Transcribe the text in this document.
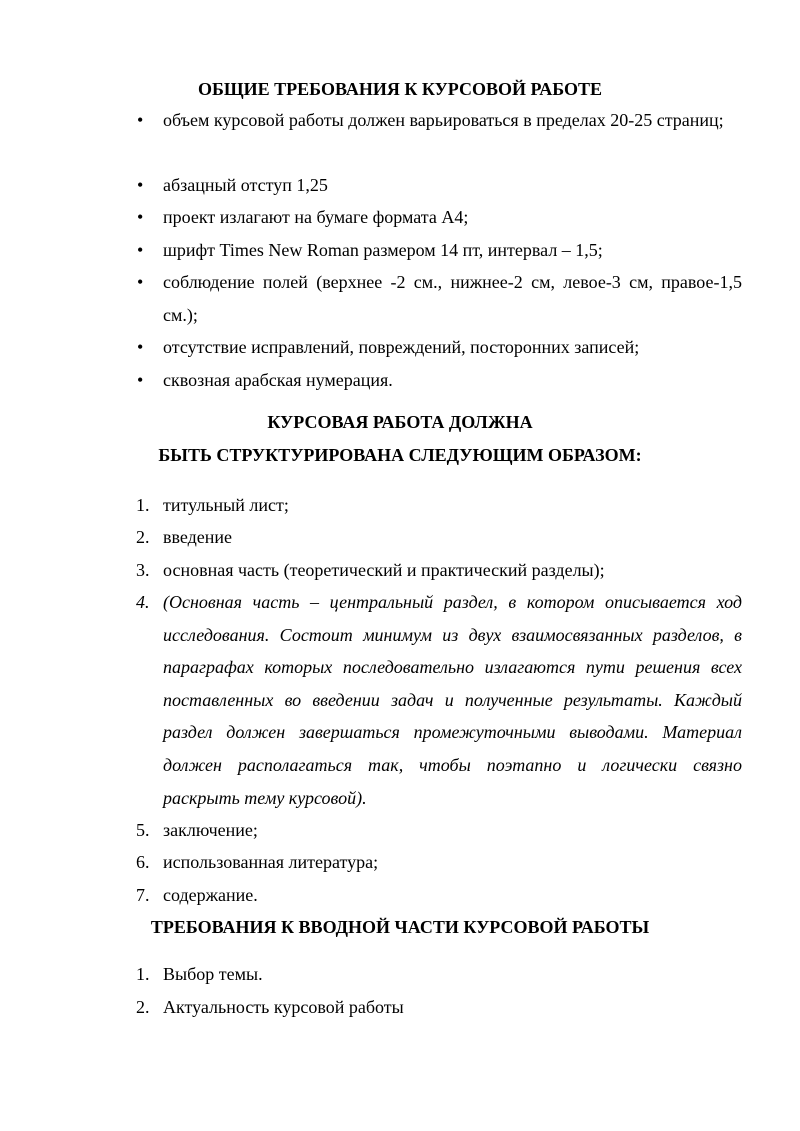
ОБЩИЕ ТРЕБОВАНИЯ К КУРСОВОЙ РАБОТЕ
• объем курсовой работы должен варьироваться в пределах 20-25 страниц;
• абзацный отступ 1,25
• проект излагают на бумаге формата А4;
• шрифт Times New Roman размером 14 пт, интервал – 1,5;
• соблюдение полей (верхнее -2 см., нижнее-2 см, левое-3 см, правое-1,5 см.);
• отсутствие исправлений, повреждений, посторонних записей;
• сквозная арабская нумерация.
КУРСОВАЯ РАБОТА ДОЛЖНА
БЫТЬ СТРУКТУРИРОВАНА СЛЕДУЮЩИМ ОБРАЗОМ:
1. титульный лист;
2. введение
3. основная часть (теоретический и практический разделы);
4. (Основная часть – центральный раздел, в котором описывается ход исследования. Состоит минимум из двух взаимосвязанных разделов, в параграфах которых последовательно излагаются пути решения всех поставленных во введении задач и полученные результаты. Каждый раздел должен завершаться промежуточными выводами. Материал должен располагаться так, чтобы поэтапно и логически связно раскрыть тему курсовой).
5. заключение;
6. использованная литература;
7. содержание.
ТРЕБОВАНИЯ К ВВОДНОЙ ЧАСТИ КУРСОВОЙ РАБОТЫ
1. Выбор темы.
2. Актуальность курсовой работы
